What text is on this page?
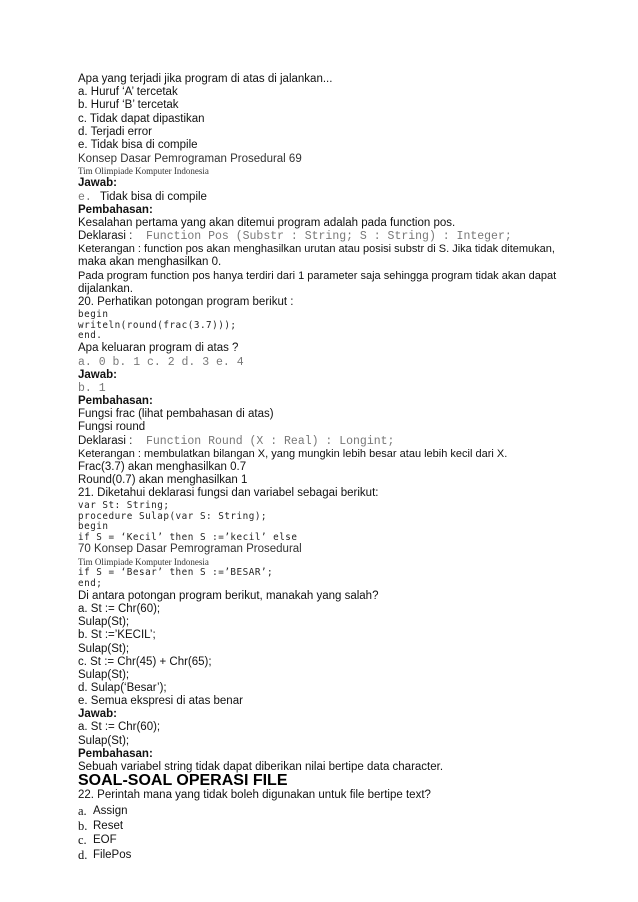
Apa yang terjadi jika program di atas di jalankan...
a. Huruf ‘A’ tercetak
b. Huruf ‘B’ tercetak
c. Tidak dapat dipastikan
d. Terjadi error
e. Tidak bisa di compile
Konsep Dasar Pemrograman Prosedural 69
Tim Olimpiade Komputer Indonesia
Jawab:
e. Tidak bisa di compile
Pembahasan:
Kesalahan pertama yang akan ditemui program adalah pada function pos.
Deklarasi : Function Pos (Substr : String; S : String) : Integer;
Keterangan : function pos akan menghasilkan urutan atau posisi substr di S. Jika tidak ditemukan,
maka akan menghasilkan 0.
Pada program function pos hanya terdiri dari 1 parameter saja sehingga program tidak akan dapat
dijalankan.
20. Perhatikan potongan program berikut :
begin
writeln(round(frac(3.7)));
end.
Apa keluaran program di atas ?
a. 0 b. 1 c. 2 d. 3 e. 4
Jawab:
b. 1
Pembahasan:
Fungsi frac (lihat pembahasan di atas)
Fungsi round
Deklarasi : Function Round (X : Real) : Longint;
Keterangan : membulatkan bilangan X, yang mungkin lebih besar atau lebih kecil dari X.
Frac(3.7) akan menghasilkan 0.7
Round(0.7) akan menghasilkan 1
21. Diketahui deklarasi fungsi dan variabel sebagai berikut:
var St: String;
procedure Sulap(var S: String);
begin
if S = ‘Kecil’ then S :=’kecil’ else
70 Konsep Dasar Pemrograman Prosedural
Tim Olimpiade Komputer Indonesia
if S = ‘Besar’ then S :=’BESAR’;
end;
Di antara potongan program berikut, manakah yang salah?
a. St := Chr(60);
Sulap(St);
b. St :=’KECIL’;
Sulap(St);
c. St := Chr(45) + Chr(65);
Sulap(St);
d. Sulap(‘Besar’);
e. Semua ekspresi di atas benar
Jawab:
a. St := Chr(60);
Sulap(St);
Pembahasan:
Sebuah variabel string tidak dapat diberikan nilai bertipe data character.
SOAL-SOAL OPERASI FILE
22. Perintah mana yang tidak boleh digunakan untuk file bertipe text?
a. Assign
b. Reset
c. EOF
d. FilePos
